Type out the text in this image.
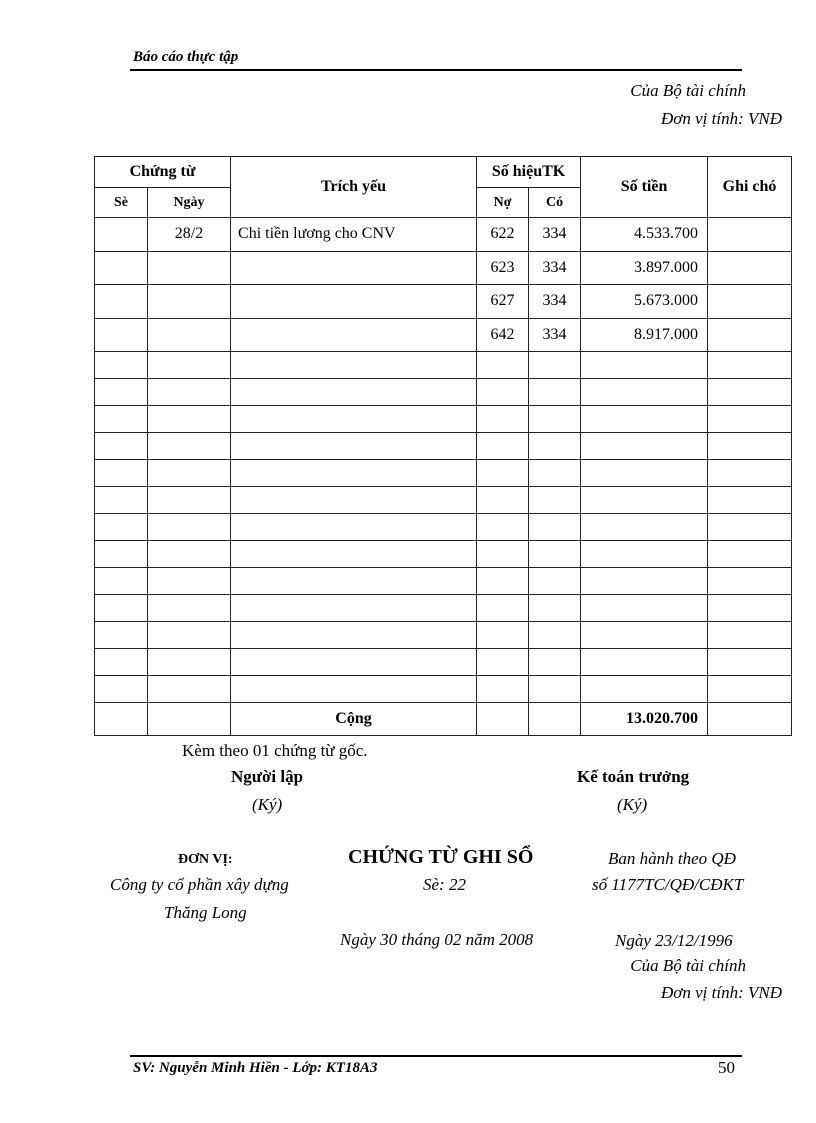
Báo cáo thực tập
Của Bộ tài chính
Đơn vị tính: VNĐ
Chứng từ		Trích yếu	Số hiệuTK		Số tiền	Ghi chó
Sè	Ngày		Nợ	Có		
	28/2	Chi tiền lương cho CNV	622	334	4.533.700	
			623	334	3.897.000	
			627	334	5.673.000	
			642	334	8.917.000	

		Cộng			13.020.700	
Kèm theo 01 chứng từ gốc.
Người lập
(Ký)
Kế toán trưởng
(Ký)
ĐƠN VỊ:
Công ty cổ phần xây dựng
Thăng Long
CHỨNG TỪ GHI SỔ
Sè: 22
Ngày 30 tháng 02 năm 2008
Ban hành theo QĐ
số 1177TC/QĐ/CĐKT
Ngày 23/12/1996
Của Bộ tài chính
Đơn vị tính: VNĐ
SV: Nguyễn Minh Hiền - Lớp: KT18A3	50
